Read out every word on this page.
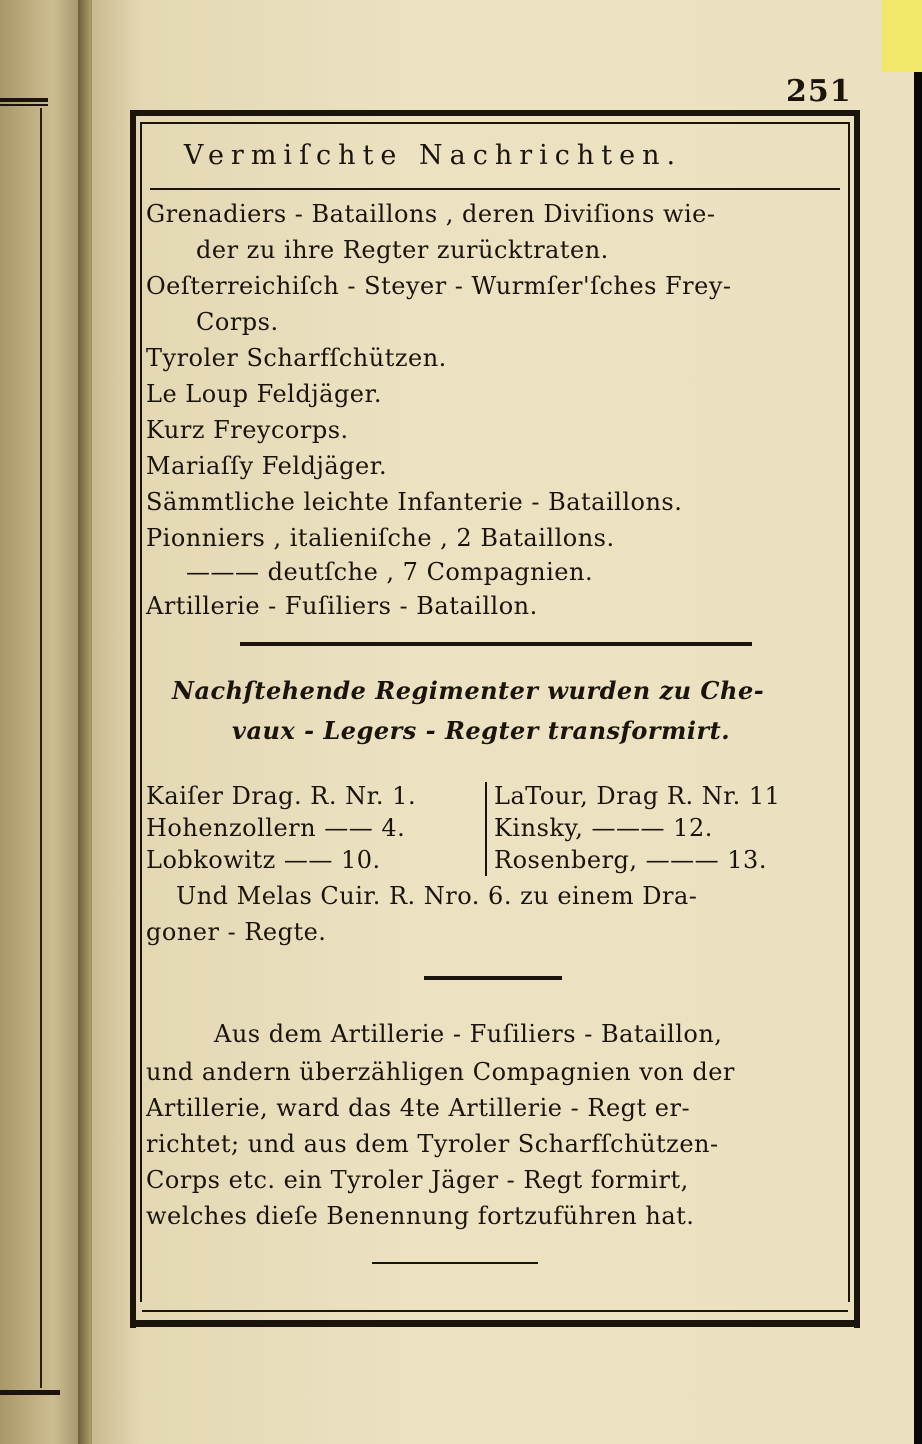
251
Vermiſchte Nachrichten.
Grenadiers - Bataillons , deren Diviſions wie-
der zu ihre Regter zurücktraten.
Oeſterreichiſch - Steyer - Wurmſer'ſches Frey-
Corps.
Tyroler Scharfſchützen.
Le Loup Feldjäger.
Kurz Freycorps.
Mariaſſy Feldjäger.
Sämmtliche leichte Infanterie - Bataillons.
Pionniers , italieniſche , 2 Bataillons.
——— deutſche , 7 Compagnien.
Artillerie - Fuſiliers - Bataillon.
Nachſtehende Regimenter wurden zu Che-
vaux - Legers - Regter transformirt.
Kaiſer Drag. R. Nr. 1.
Hohenzollern —— 4.
Lobkowitz —— 10.
LaTour, Drag R. Nr. 11
Kinsky, ——— 12.
Rosenberg, ——— 13.
Und Melas Cuir. R. Nro. 6. zu einem Dra-
goner - Regte.
Aus dem Artillerie - Fuſiliers - Bataillon,
und andern überzähligen Compagnien von der
Artillerie, ward das 4te Artillerie - Regt er-
richtet; und aus dem Tyroler Scharfſchützen-
Corps etc. ein Tyroler Jäger - Regt formirt,
welches dieſe Benennung fortzuführen hat.
